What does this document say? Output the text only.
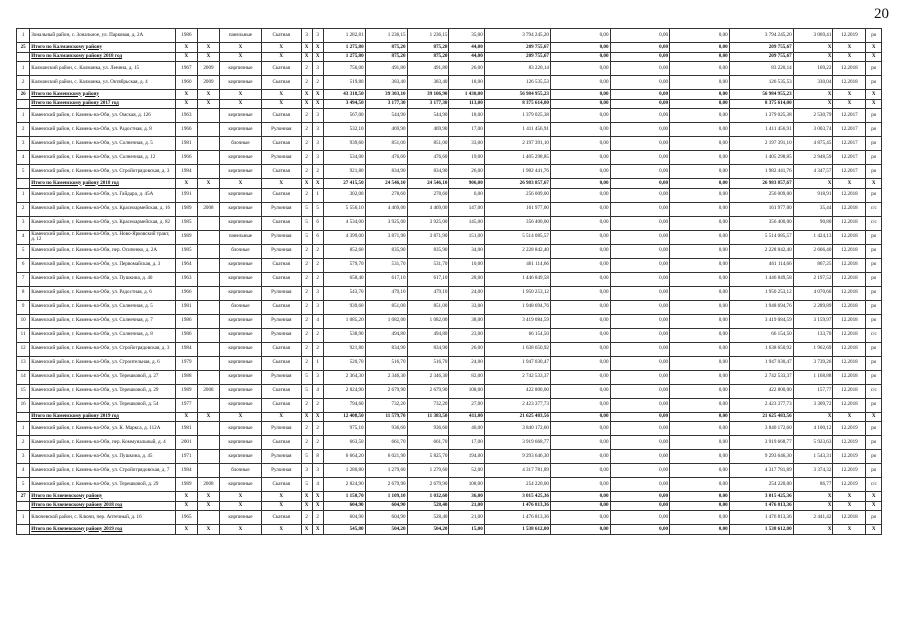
20
1	Зональный район, с. Зональное, ул. Парковая, д. 2А	1986		панельные	Скатная	3	3	1 282,81	1 236,15	1 236,15	35,00	3 794 245,20	0,00	0,00	0,00	3 794 245,20	3 069,41	12.2019	ро
25	Итого по Калманскому району	X	X	X	X	X	X	1 275,80	875,20	875,20	44,00	209 755,67	0,00	0,00	0,00	209 755,67	X	X	X
	Итого по Калманскому району 2018 год	X	X	X	X	X	X	1 275,80	875,20	875,20	44,00	209 755,67	0,00	0,00	0,00	209 755,67	X	X	X
1	Калманский район, с. Калманка, ул. Ленина, д. 15	1967	2009	кирпичные	Скатная	2	3	756,00	491,80	491,80	26,00	83 220,14	0,00	0,00	0,00	83 220,14	169,22	12.2018	ро
2	Калманский район, с. Калманка, ул. Октябрьская, д. 4	1960	2009	кирпичные	Скатная	2	2	519,80	383,40	383,40	18,00	126 535,53	0,00	0,00	0,00	126 535,53	330,04	12.2018	ро
26	Итого по Каменскому району	X	X	X	X	X	X	43 318,50	39 303,10	39 106,90	1 430,00	56 984 955,23	0,00	0,00	0,00	56 984 955,23	X	X	X
	Итого по Каменскому району 2017 год	X	X	X	X	X	X	3 494,50	3 177,30	3 177,30	113,00	8 375 614,00	0,00	0,00	0,00	8 375 614,00	X	X	X
1	Каменский район, г. Камень-на-Оби, ул. Омская, д. 126	1963		кирпичные	Скатная	2	3	567,00	544,90	544,90	18,00	1 379 025,38	0,00	0,00	0,00	1 379 025,38	2 530,79	12.2017	ро
2	Каменский район, г. Камень-на-Оби, ул. Радостная, д. 8	1966		кирпичные	Рулонная	2	3	532,10	469,90	469,90	17,00	1 411 456,91	0,00	0,00	0,00	1 411 456,91	3 003,74	12.2017	ро
3	Каменский район, г. Камень-на-Оби, ул. Солнечная, д. 5	1981		блочные	Скатная	2	3	939,60	851,00	851,00	33,00	2 197 391,10	0,00	0,00	0,00	2 197 391,10	4 875,45	12.2017	ро
4	Каменский район, г. Камень-на-Оби, ул. Солнечная, д. 12	1966		кирпичные	Рулонная	2	3	534,00	476,60	476,60	19,00	1 405 298,85	0,00	0,00	0,00	1 405 298,85	2 948,59	12.2017	ро
5	Каменский район, г. Камень-на-Оби, ул. Стройотрядовская, д. 3	1984		кирпичные	Скатная	2	2	921,80	834,90	834,90	26,00	1 982 441,76	0,00	0,00	0,00	1 982 441,76	4 347,57	12.2017	ро
	Итого по Каменскому району 2018 год	X	X	X	X	X	X	27 415,50	24 546,10	24 546,10	906,00	26 983 857,67	0,00	0,00	0,00	26 983 857,67	X	X	X
1	Каменский район, г. Камень-на-Оби, ул. Гайдара, д. 45А	1991		кирпичные	Скатная	2	1	302,00	278,60	278,60	6,00	256 009,00	0,00	0,00	0,00	256 009,00	918,91	12.2018	ро
2	Каменский район, г. Камень-на-Оби, ул. Красноармейская, д. 16	1989	2008	кирпичные	Рулонная	5	5	5 556,10	4 469,00	4 469,00	147,00	161 977,00	0,00	0,00	0,00	161 977,00	35,44	12.2018	с/с
3	Каменский район, г. Камень-на-Оби, ул. Красноармейская, д. 82	1985		кирпичные	Скатная	5	6	4 534,00	3 925,00	3 925,00	145,00	356 400,00	0,00	0,00	0,00	356 400,00	90,80	12.2018	с/с
4	Каменский район, г. Камень-на-Оби, ул. Ново-Ярковский тракт, д. 12	1989		панельные	Рулонная	5	6	4 399,00	3 871,90	3 871,90	151,00	5 514 085,57	0,00	0,00	0,00	5 514 085,57	1 424,13	12.2018	ро
5	Каменский район, г. Камень-на-Оби, пер. Осипенко, д. 2А	1985		блочные	Рулонная	2	2	852,60	835,90	835,90	34,00	2 228 842,40	0,00	0,00	0,00	2 228 842,40	2 666,40	12.2018	ро
6	Каменский район, г. Камень-на-Оби, ул. Первомайская, д. 3	1964		кирпичные	Скатная	2	2	579,70	531,70	531,70	10,00	461 114,66	0,00	0,00	0,00	461 114,66	867,25	12.2018	ро
7	Каменский район, г. Камень-на-Оби, ул. Пушкина, д. 40	1963		кирпичные	Скатная	2	2	658,40	617,10	617,10	28,00	1 446 849,58	0,00	0,00	0,00	1 446 849,58	2 197,52	12.2018	ро
8	Каменский район, г. Камень-на-Оби, ул. Радостная, д. 6	1966		кирпичные	Рулонная	2	3	543,70	479,10	479,10	24,00	1 950 253,12	0,00	0,00	0,00	1 950 253,12	4 070,66	12.2018	ро
9	Каменский район, г. Камень-на-Оби, ул. Солнечная, д. 5	1981		блочные	Скатная	2	3	939,60	851,00	851,00	33,00	1 948 694,76	0,00	0,00	0,00	1 948 694,76	2 289,89	12.2018	ро
10	Каменский район, г. Камень-на-Оби, ул. Солнечная, д. 7	1986		кирпичные	Рулонная	2	4	1 085,20	1 082,00	1 082,00	38,00	3 419 084,59	0,00	0,00	0,00	3 419 084,59	3 159,97	12.2018	ро
11	Каменский район, г. Камень-на-Оби, ул. Солнечная, д. 8	1986		кирпичные	Рулонная	2	2	538,90	494,80	494,80	23,00	66 154,50	0,00	0,00	0,00	66 154,50	133,70	12.2018	с/с
12	Каменский район, г. Камень-на-Оби, ул. Стройотрядовская, д. 3	1984		кирпичные	Скатная	2	2	921,80	834,90	834,90	26,00	1 638 650,92	0,00	0,00	0,00	1 638 650,92	1 962,69	12.2018	ро
13	Каменский район, г. Камень-на-Оби, ул. Строительная, д. 6	1979		кирпичные	Скатная	2	1	520,70	516,70	516,70	24,00	1 947 030,47	0,00	0,00	0,00	1 947 030,47	3 739,26	12.2018	ро
14	Каменский район, г. Камень-на-Оби, ул. Терешковой, д. 27	1988		кирпичные	Рулонная	5	3	2 364,30	2 346,30	2 346,30	82,00	2 742 533,37	0,00	0,00	0,00	2 742 533,37	1 168,88	12.2018	ро
15	Каменский район, г. Камень-на-Оби, ул. Терешковой, д. 29	1989	2008	кирпичные	Скатная	5	4	2 824,90	2 679,90	2 679,90	108,00	422 800,00	0,00	0,00	0,00	422 800,00	157,77	12.2018	с/с
16	Каменский район, г. Камень-на-Оби, ул. Терешковой, д. 54	1977		кирпичные	Скатная	2	2	794,60	732,20	732,20	27,00	2 423 377,73	0,00	0,00	0,00	2 423 377,73	3 309,72	12.2018	ро
	Итого по Каменскому району 2019 год	X	X	X	X	X	X	12 408,50	11 579,70	11 383,50	411,00	21 625 483,56	0,00	0,00	0,00	21 625 483,56	X	X	X
1	Каменский район, г. Камень-на-Оби, ул. К. Маркса, д. 112А	1981		кирпичные	Рулонная	2	2	975,10	936,60	936,60	40,00	3 840 172,60	0,00	0,00	0,00	3 840 172,60	4 100,12	12.2019	ро
2	Каменский район, г. Камень-на-Оби, пер. Коммунальный, д. 4	2001		кирпичные	Скатная	2	2	663,50	661,70	661,70	17,00	3 919 668,77	0,00	0,00	0,00	3 919 668,77	5 923,63	12.2019	ро
3	Каменский район, г. Камень-на-Оби, ул. Пушкина, д. 45	1971		кирпичные	Рулонная	5	8	6 664,20	6 021,90	5 825,70	194,00	9 293 646,30	0,00	0,00	0,00	9 293 646,30	1 543,31	12.2019	ро
4	Каменский район, г. Камень-на-Оби, ул. Стройотрядовская, д. 7	1984		блочные	Рулонная	3	3	1 280,80	1 279,60	1 279,60	52,00	4 317 781,89	0,00	0,00	0,00	4 317 781,89	3 374,32	12.2019	ро
5	Каменский район, г. Камень-на-Оби, ул. Терешковой, д. 29	1989	2008	кирпичные	Скатная	5	4	2 824,90	2 679,90	2 679,90	108,00	254 220,00	0,00	0,00	0,00	254 220,00	86,77	12.2019	с/с
27	Итого по Ключевскому району	X	X	X	X	X	X	1 150,70	1 109,10	1 032,60	36,00	3 015 425,36	0,00	0,00	0,00	3 015 425,36	X	X	X
	Итого по Ключевскому району 2018 год	X	X	X	X	X	X	604,90	604,90	528,40	21,00	1 476 813,36	0,00	0,00	0,00	1 476 813,36	X	X	X
1	Ключевской район, с. Ключи, пер. Аптечный, д. 16	1965		кирпичные	Скатная	2	2	604,90	604,90	528,40	21,00	1 476 813,36	0,00	0,00	0,00	1 476 813,36	2 441,42	12.2018	ро
	Итого по Ключевскому району 2019 год	X	X	X	X	X	X	545,80	504,20	504,20	15,00	1 538 612,00	0,00	0,00	0,00	1 538 612,00	X	X	X
